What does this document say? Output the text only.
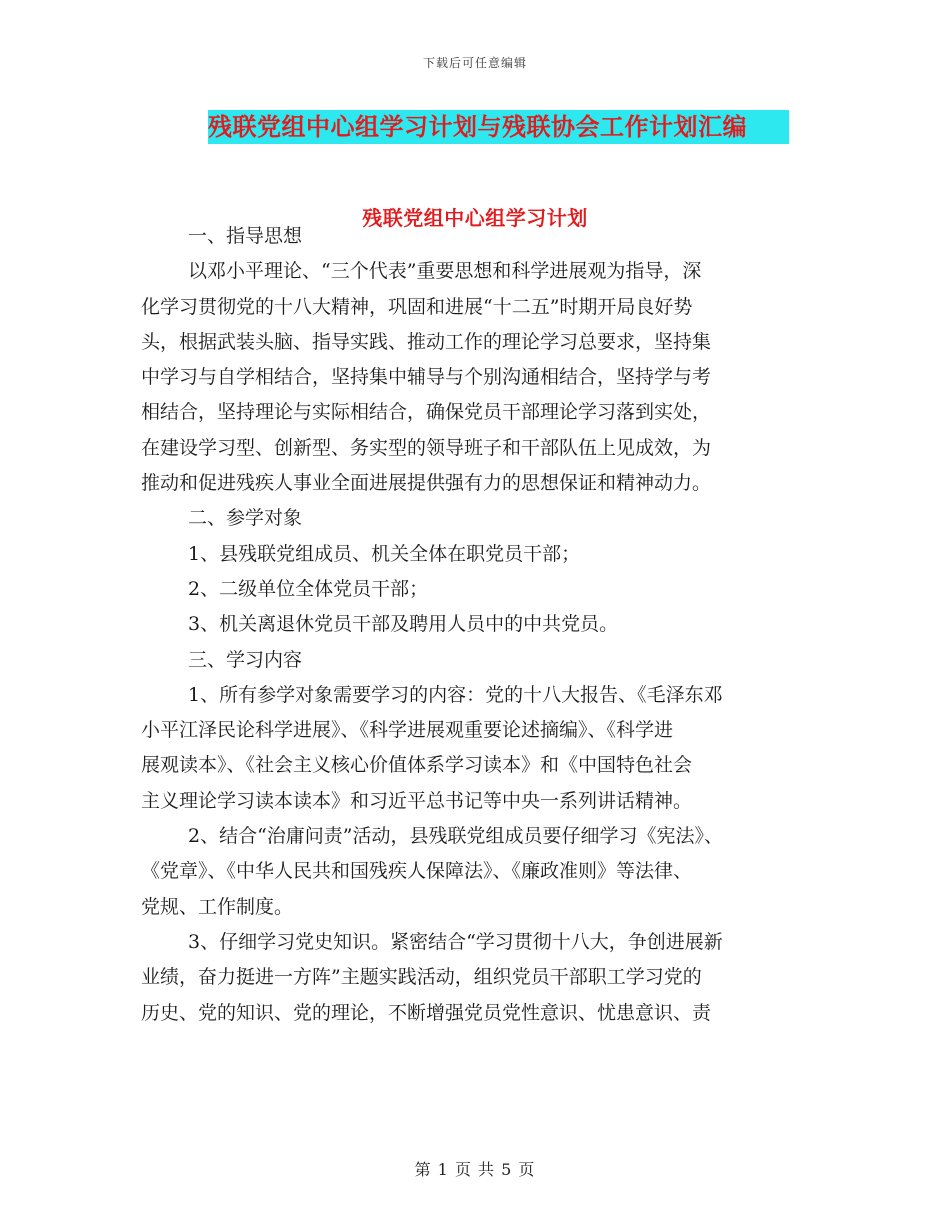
下载后可任意编辑
残联党组中心组学习计划与残联协会工作计划汇编
残联党组中心组学习计划
一、指导思想
以邓小平理论、“三个代表”重要思想和科学进展观为指导，深
化学习贯彻党的十八大精神，巩固和进展“十二五”时期开局良好势
头，根据武装头脑、指导实践、推动工作的理论学习总要求，坚持集
中学习与自学相结合，坚持集中辅导与个别沟通相结合，坚持学与考
相结合，坚持理论与实际相结合，确保党员干部理论学习落到实处，
在建设学习型、创新型、务实型的领导班子和干部队伍上见成效，为
推动和促进残疾人事业全面进展提供强有力的思想保证和精神动力。
二、参学对象
1、县残联党组成员、机关全体在职党员干部；
2、二级单位全体党员干部；
3、机关离退休党员干部及聘用人员中的中共党员。
三、学习内容
1、所有参学对象需要学习的内容：党的十八大报告、《毛泽东邓
小平江泽民论科学进展》、《科学进展观重要论述摘编》、《科学进
展观读本》、《社会主义核心价值体系学习读本》和《中国特色社会
主义理论学习读本读本》和习近平总书记等中央一系列讲话精神。
2、结合“治庸问责”活动，县残联党组成员要仔细学习《宪法》、
《党章》、《中华人民共和国残疾人保障法》、《廉政准则》等法律、
党规、工作制度。
3、仔细学习党史知识。紧密结合“学习贯彻十八大，争创进展新
业绩，奋力挺进一方阵”主题实践活动，组织党员干部职工学习党的
历史、党的知识、党的理论，不断增强党员党性意识、忧患意识、责
第 1 页 共 5 页
